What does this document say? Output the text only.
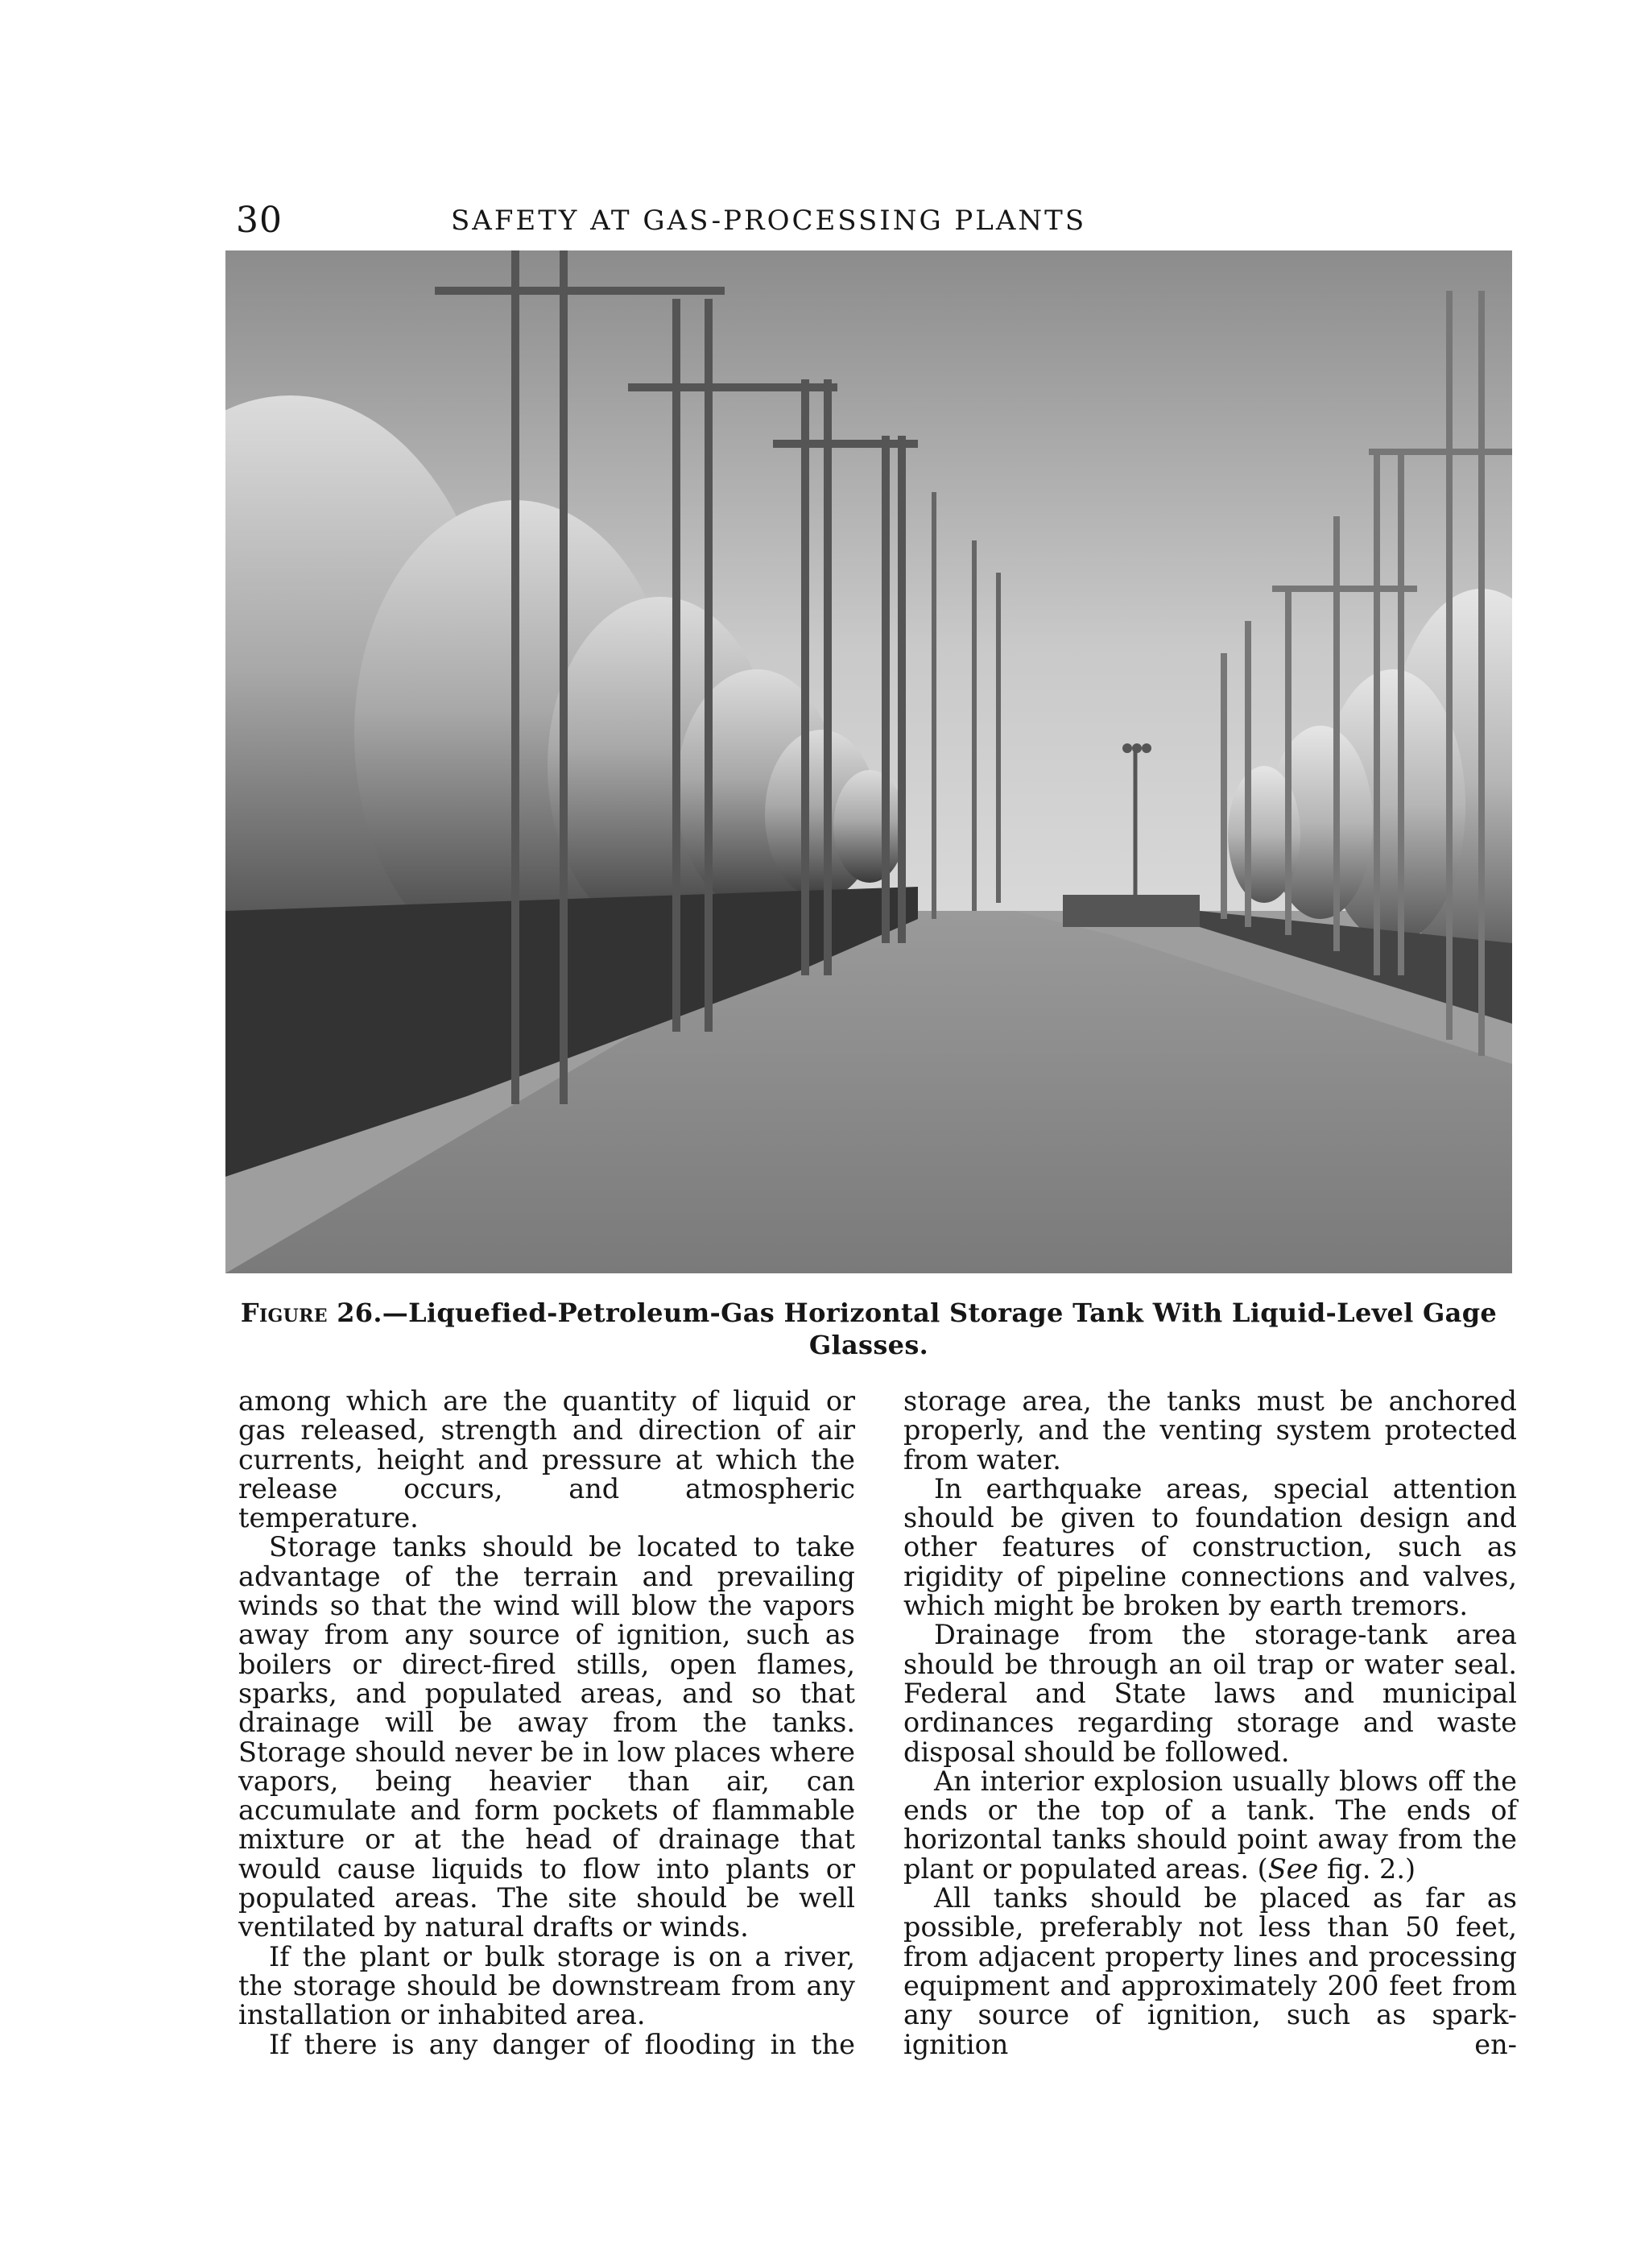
30	SAFETY AT GAS-PROCESSING PLANTS
Figure 26.—Liquefied-Petroleum-Gas Horizontal Storage Tank With Liquid-Level Gage Glasses.

among which are the quantity of liquid or gas released, strength and direction of air currents, height and pressure at which the release occurs, and atmospheric temperature.

Storage tanks should be located to take advantage of the terrain and prevailing winds so that the wind will blow the vapors away from any source of ignition, such as boilers or direct-fired stills, open flames, sparks, and populated areas, and so that drainage will be away from the tanks. Storage should never be in low places where vapors, being heavier than air, can accumulate and form pockets of flammable mixture or at the head of drainage that would cause liquids to flow into plants or populated areas. The site should be well ventilated by natural drafts or winds.

If the plant or bulk storage is on a river, the storage should be downstream from any installation or inhabited area.

If there is any danger of flooding in the

storage area, the tanks must be anchored properly, and the venting system protected from water.

In earthquake areas, special attention should be given to foundation design and other features of construction, such as rigidity of pipeline connections and valves, which might be broken by earth tremors.

Drainage from the storage-tank area should be through an oil trap or water seal. Federal and State laws and municipal ordinances regarding storage and waste disposal should be followed.

An interior explosion usually blows off the ends or the top of a tank. The ends of horizontal tanks should point away from the plant or populated areas. (See fig. 2.)

All tanks should be placed as far as possible, preferably not less than 50 feet, from adjacent property lines and processing equipment and approximately 200 feet from any source of ignition, such as spark-ignition en-
